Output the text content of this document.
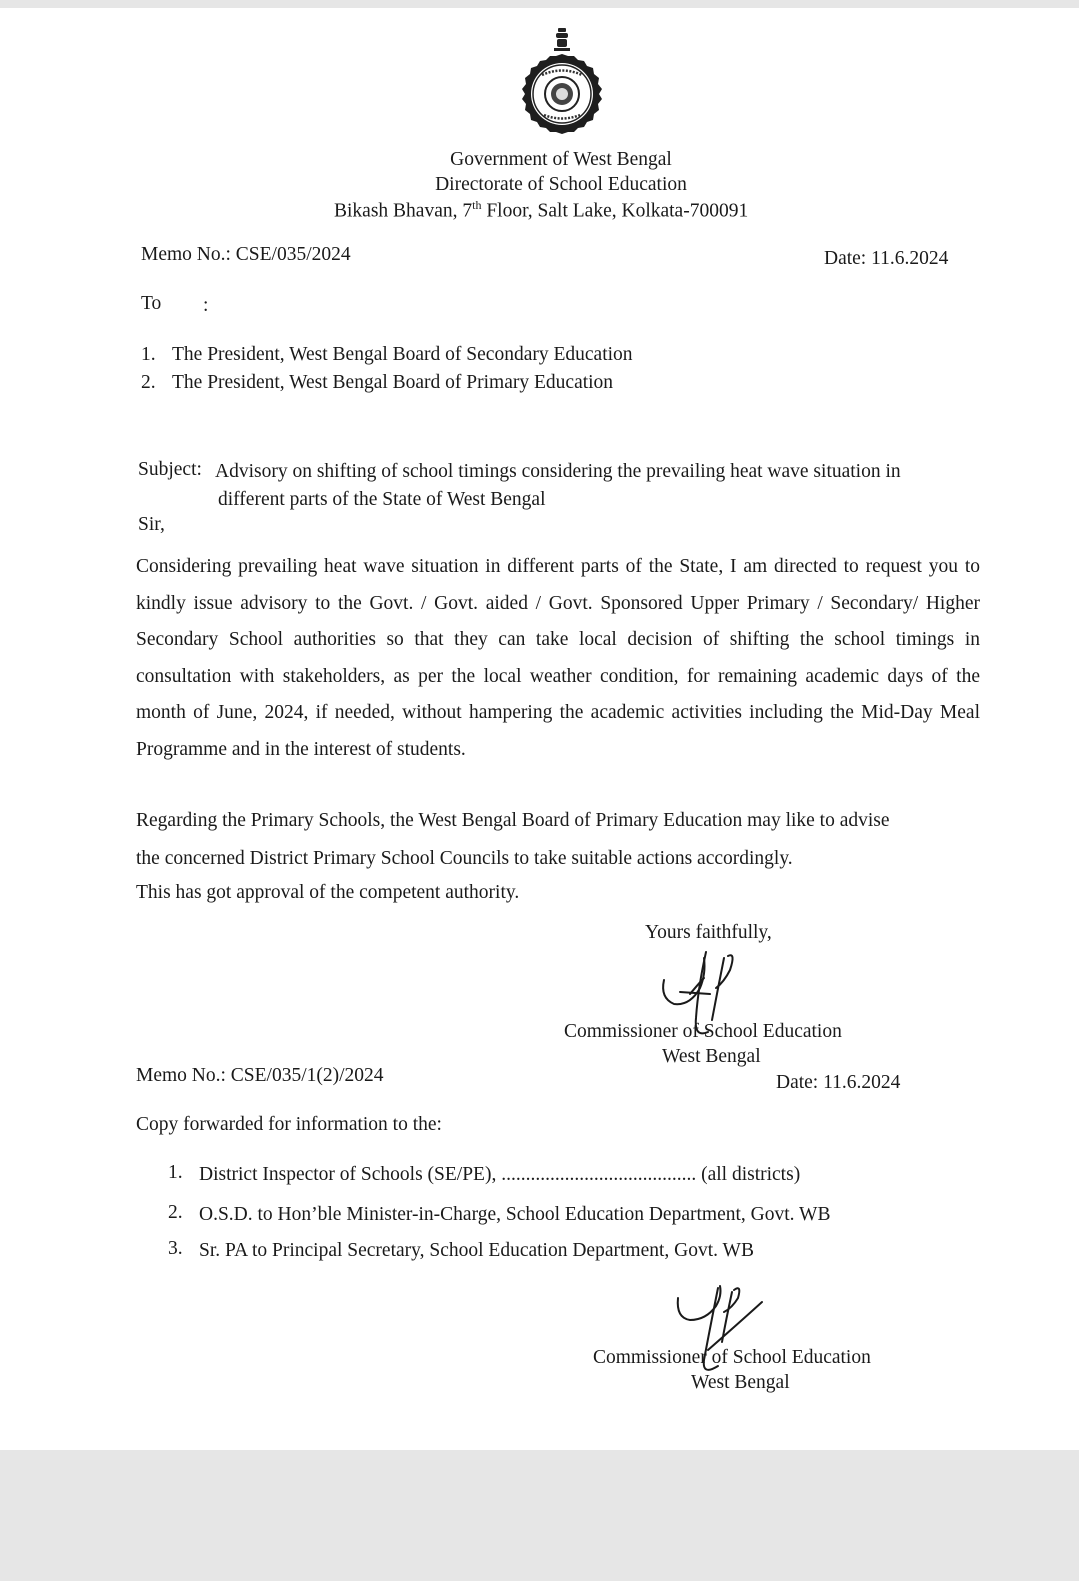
Government of West Bengal
Directorate of School Education
Bikash Bhavan, 7th Floor, Salt Lake, Kolkata-700091
Memo No.: CSE/035/2024	Date: 11.6.2024
To :
1. The President, West Bengal Board of Secondary Education
2. The President, West Bengal Board of Primary Education
Subject: Advisory on shifting of school timings considering the prevailing heat wave situation in
different parts of the State of West Bengal
Sir,
Considering prevailing heat wave situation in different parts of the State, I am directed to request you to kindly issue advisory to the Govt. / Govt. aided / Govt. Sponsored Upper Primary / Secondary/ Higher Secondary School authorities so that they can take local decision of shifting the school timings in consultation with stakeholders, as per the local weather condition, for remaining academic days of the month of June, 2024, if needed, without hampering the academic activities including the Mid-Day Meal Programme and in the interest of students.
Regarding the Primary Schools, the West Bengal Board of Primary Education may like to advise
the concerned District Primary School Councils to take suitable actions accordingly.
This has got approval of the competent authority.
Yours faithfully,
Commissioner of School Education
West Bengal
Memo No.: CSE/035/1(2)/2024	Date: 11.6.2024
Copy forwarded for information to the:
1. District Inspector of Schools (SE/PE), ........................................ (all districts)
2. O.S.D. to Hon’ble Minister-in-Charge, School Education Department, Govt. WB
3. Sr. PA to Principal Secretary, School Education Department, Govt. WB
Commissioner of School Education
West Bengal
